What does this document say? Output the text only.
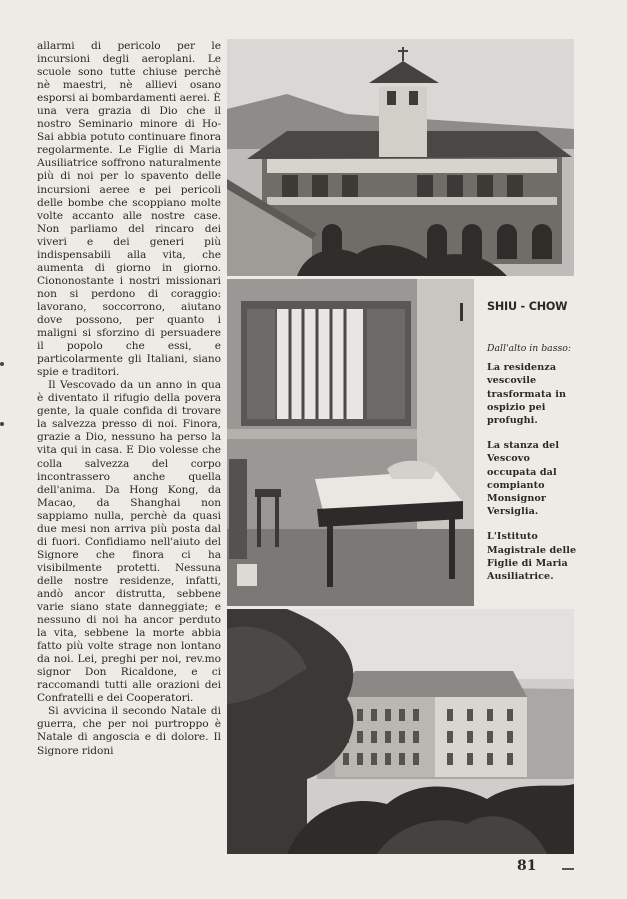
allarmi di pericolo per le incursioni degli aeroplani. Le scuole sono tutte chiuse perchè nè maestri, nè allievi osano esporsi ai bombardamenti aerei. È una vera grazia di Dio che il nostro Seminario minore di Ho-Sai abbia potuto continuare finora regolarmente. Le Figlie di Maria Ausiliatrice soffrono naturalmente più di noi per lo spavento delle incursioni aeree e pei pericoli delle bombe che scoppiano molte volte accanto alle nostre case. Non parliamo del rincaro dei viveri e dei generi più indispensabili alla vita, che aumenta di giorno in giorno. Ciononostante i nostri missionari non si perdono di coraggio: lavorano, soccorrono, aiutano dove possono, per quanto i maligni si sforzino di persuadere il popolo che essi, e particolarmente gli Italiani, siano spie e traditori.

Il Vescovado da un anno in qua è diventato il rifugio della povera gente, la quale confida di trovare la salvezza presso di noi. Finora, grazie a Dio, nessuno ha perso la vita qui in casa. E Dio volesse che colla salvezza del corpo incontrassero anche quella dell'anima. Da Hong Kong, da Macao, da Shanghai non sappiamo nulla, perchè da quasi due mesi non arriva più posta dal di fuori. Confidiamo nell'aiuto del Signore che finora ci ha visibilmente protetti. Nessuna delle nostre residenze, infatti, andò ancor distrutta, sebbene varie siano state danneggiate; e nessuno di noi ha ancor perduto la vita, sebbene la morte abbia fatto più volte strage non lontano da noi. Lei, preghi per noi, rev.mo signor Don Ricaldone, e ci raccomandi tutti alle orazioni dei Confratelli e dei Cooperatori.

Si avvicina il secondo Natale di guerra, che per noi purtroppo è Natale di angoscia e di dolore. Il Signore ridoni

SHIU - CHOW
Dall'alto in basso:
La residenza vescovile trasformata in ospizio pei profughi.
La stanza del Vescovo occupata dal compianto Monsignor Versiglia.
L'Istituto Magistrale delle Figlie di Maria Ausiliatrice.
81
